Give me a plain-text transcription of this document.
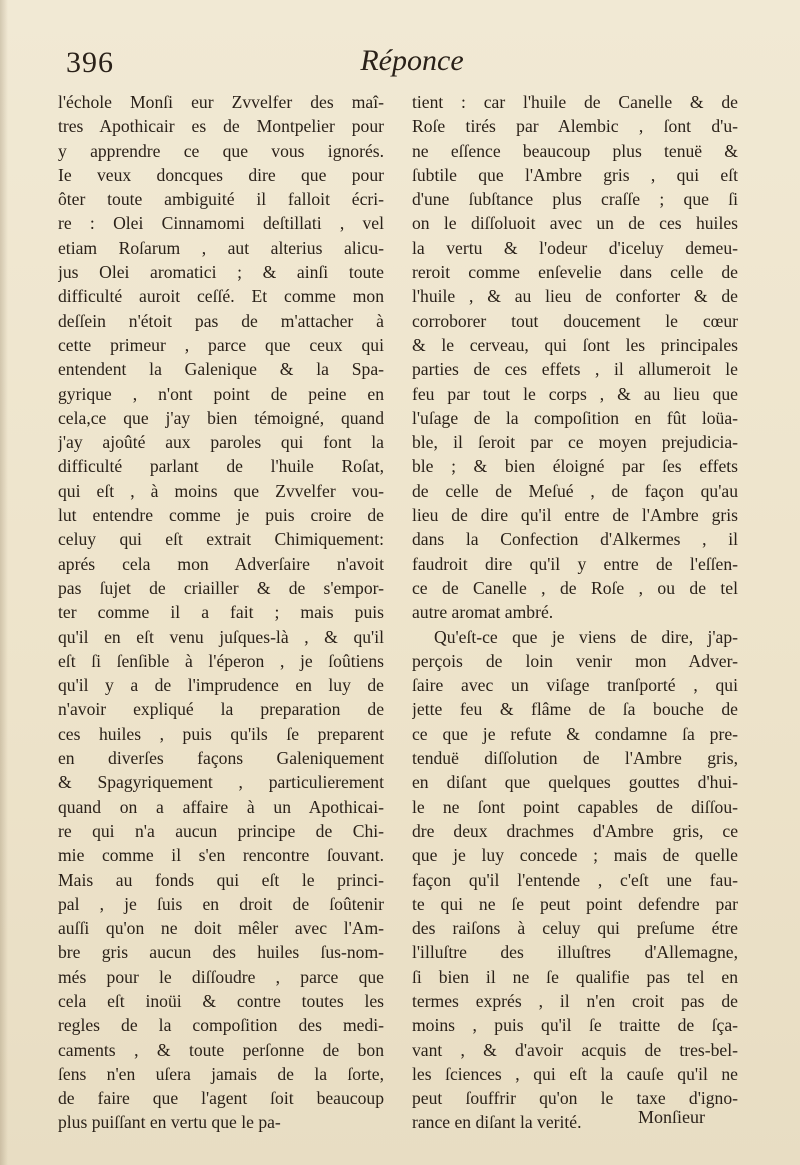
396	Réponce
l'échole Monſi eur Zvvelfer des maî-
tres Apothicair es de Montpelier pour
y apprendre ce que vous ignorés.
Ie veux doncques dire que pour
ôter toute ambiguité il falloit écri-
re : Olei Cinnamomi deſtillati , vel
etiam Roſarum , aut alterius alicu-
jus Olei aromatici ; & ainſi toute
difficulté auroit ceſſé. Et comme mon
deſſein n'étoit pas de m'attacher à
cette primeur , parce que ceux qui
entendent la Galenique & la Spa-
gyrique , n'ont point de peine en
cela,ce que j'ay bien témoigné, quand
j'ay ajoûté aux paroles qui font la
difficulté parlant de l'huile Roſat,
qui eſt , à moins que Zvvelfer vou-
lut entendre comme je puis croire de
celuy qui eſt extrait Chimiquement:
aprés cela mon Adverſaire n'avoit
pas ſujet de criailler & de s'empor-
ter comme il a fait ; mais puis
qu'il en eſt venu juſques-là , & qu'il
eſt ſi ſenſible à l'éperon , je ſoûtiens
qu'il y a de l'imprudence en luy de
n'avoir expliqué la preparation de
ces huiles , puis qu'ils ſe preparent
en diverſes façons Galeniquement
& Spagyriquement , particulierement
quand on a affaire à un Apothicai-
re qui n'a aucun principe de Chi-
mie comme il s'en rencontre ſouvant.
Mais au fonds qui eſt le princi-
pal , je ſuis en droit de ſoûtenir
auſſi qu'on ne doit mêler avec l'Am-
bre gris aucun des huiles ſus-nom-
més pour le diſſoudre , parce que
cela eſt inoüi & contre toutes les
regles de la compoſition des medi-
caments , & toute perſonne de bon
ſens n'en uſera jamais de la ſorte,
de faire que l'agent ſoit beaucoup
plus puiſſant en vertu que le pa-
tient : car l'huile de Canelle & de
Roſe tirés par Alembic , ſont d'u-
ne eſſence beaucoup plus tenuë &
ſubtile que l'Ambre gris , qui eſt
d'une ſubſtance plus craſſe ; que ſi
on le diſſoluoit avec un de ces huiles
la vertu & l'odeur d'iceluy demeu-
reroit comme enſevelie dans celle de
l'huile , & au lieu de conforter & de
corroborer tout doucement le cœur
& le cerveau, qui ſont les principales
parties de ces effets , il allumeroit le
feu par tout le corps , & au lieu que
l'uſage de la compoſition en fût loüa-
ble, il ſeroit par ce moyen prejudicia-
ble ; & bien éloigné par ſes effets
de celle de Meſué , de façon qu'au
lieu de dire qu'il entre de l'Ambre gris
dans la Confection d'Alkermes , il
faudroit dire qu'il y entre de l'eſſen-
ce de Canelle , de Roſe , ou de tel
autre aromat ambré.
Qu'eſt-ce que je viens de dire, j'ap-
perçois de loin venir mon Adver-
ſaire avec un viſage tranſporté , qui
jette feu & flâme de ſa bouche de
ce que je refute & condamne ſa pre-
tenduë diſſolution de l'Ambre gris,
en diſant que quelques gouttes d'hui-
le ne ſont point capables de diſſou-
dre deux drachmes d'Ambre gris, ce
que je luy concede ; mais de quelle
façon qu'il l'entende , c'eſt une fau-
te qui ne ſe peut point defendre par
des raiſons à celuy qui preſume étre
l'illuſtre des illuſtres d'Allemagne,
ſi bien il ne ſe qualifie pas tel en
termes exprés , il n'en croit pas de
moins , puis qu'il ſe traitte de ſça-
vant , & d'avoir acquis de tres-bel-
les ſciences , qui eſt la cauſe qu'il ne
peut ſouffrir qu'on le taxe d'igno-
rance en diſant la verité.	Monſieur
